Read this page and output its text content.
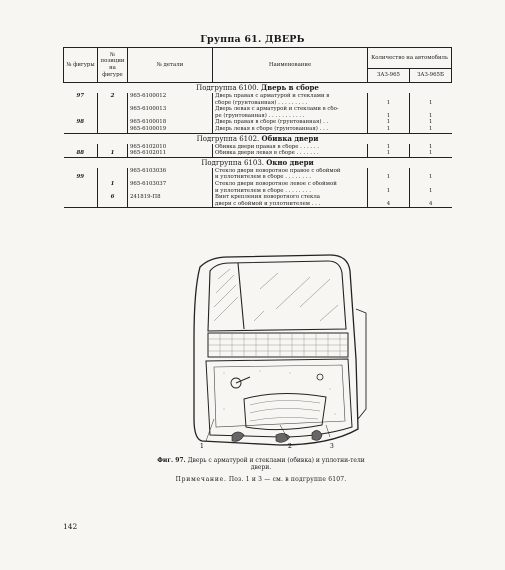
Группа 61. ДВЕРЬ
№ фигуры	№ позиции на фигуре	№ детали	Наименование	Количество на автомобиль	
				ЗАЗ-965	ЗАЗ-965Б
Подгруппа 6100. Дверь в сборе					
97	2	965-6100012	Дверь правая с арматурой и стеклами в		
			сборе (грунтованная) . . . . . . . . .	1	1
		965-6100013	Дверь левая с арматурой и стеклами в сбо-		
			ре (грунтованная) . . . . . . . . . . .	1	1
98		965-6100018	Дверь правая в сборе (грунтованная) . .	1	1
		965-6100019	Дверь левая в сборе (грунтованная) . . .	1	1
Подгруппа 6102. Обивка двери					
		965-6102010	Обивка двери правая в сборе . . . . . .	1	1
88	1	965-6102011	Обивка двери левая в сборе . . . . . . .	1	1
Подгруппа 6103. Окно двери					
		965-6103036	Стекло двери поворотное правое с обоймой		
99			и уплотнителем в сборе . . . . . . . .	1	1
	1	965-6103037	Стекло двери поворотное левое с обоймой		
			и уплотнителем в сборе . . . . . . . .	1	1
	6	241819-П8	Винт крепления поворотного стекла		
			двери с обоймой и уплотнителем . . .	4	4
1	2	3
Фиг. 97. Дверь с арматурой и стеклами (обивка) и уплотни-тели двери.
Примечание. Поз. 1 и 3 — см. в подгруппе 6107.
142
